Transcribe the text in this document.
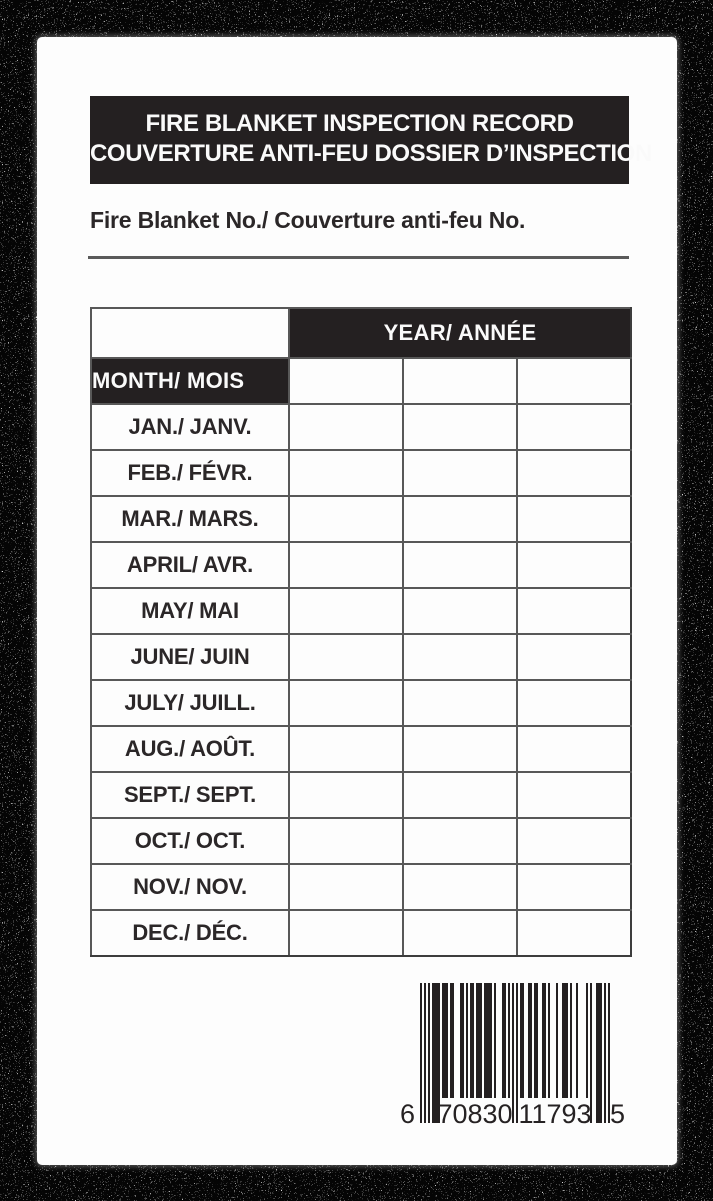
FIRE BLANKET INSPECTION RECORD
COUVERTURE ANTI-FEU DOSSIER D’INSPECTION
Fire Blanket No./ Couverture anti-feu No.
	YEAR/ ANNÉE		
MONTH/ MOIS			
JAN./ JANV.			
FEB./ FÉVR.			
MAR./ MARS.			
APRIL/ AVR.			
MAY/ MAI			
JUNE/ JUIN			
JULY/ JUILL.			
AUG./ AOÛT.			
SEPT./ SEPT.			
OCT./ OCT.			
NOV./ NOV.			
DEC./ DÉC.			
6 70830 11793 5
